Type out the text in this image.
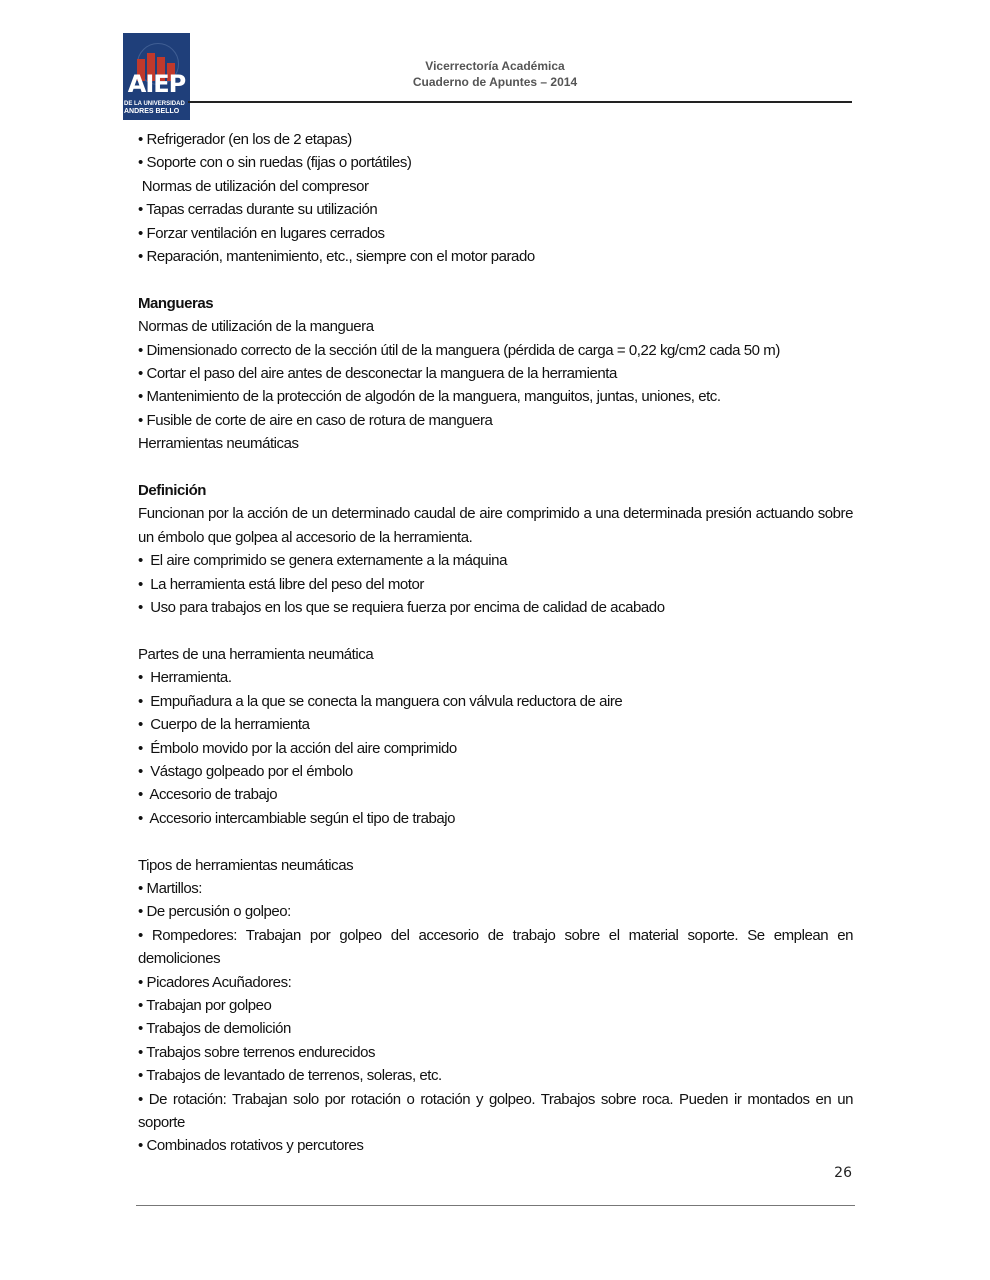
AIEP
DE LA UNIVERSIDAD
ANDRES BELLO
Vicerrectoría Académica
Cuaderno de Apuntes – 2014

• Refrigerador (en los de 2 etapas)

• Soporte con o sin ruedas (fijas o portátiles)

Normas de utilización del compresor

• Tapas cerradas durante su utilización

• Forzar ventilación en lugares cerrados

• Reparación, mantenimiento, etc., siempre con el motor parado

Mangueras

Normas de utilización de la manguera

• Dimensionado correcto de la sección útil de la manguera (pérdida de carga = 0,22 kg/cm2 cada 50 m)

• Cortar el paso del aire antes de desconectar la manguera de la herramienta

• Mantenimiento de la protección de algodón de la manguera, manguitos, juntas, uniones, etc.

• Fusible de corte de aire en caso de rotura de manguera

Herramientas neumáticas

Definición

Funcionan por la acción de un determinado caudal de aire comprimido a una determinada presión actuando sobre un émbolo que golpea al accesorio de la herramienta.

•  El aire comprimido se genera externamente a la máquina

•  La herramienta está libre del peso del motor

•  Uso para trabajos en los que se requiera fuerza por encima de calidad de acabado

Partes de una herramienta neumática

•  Herramienta.

•  Empuñadura a la que se conecta la manguera con válvula reductora de aire

•  Cuerpo de la herramienta

•  Émbolo movido por la acción del aire comprimido

•  Vástago golpeado por el émbolo

•  Accesorio de trabajo

•  Accesorio intercambiable según el tipo de trabajo

Tipos de herramientas neumáticas

• Martillos:

• De percusión o golpeo:

• Rompedores: Trabajan por golpeo del accesorio de trabajo sobre el material soporte. Se emplean en demoliciones

• Picadores Acuñadores:

• Trabajan por golpeo

• Trabajos de demolición

• Trabajos sobre terrenos endurecidos

• Trabajos de levantado de terrenos, soleras, etc.

• De rotación: Trabajan solo por rotación o rotación y golpeo. Trabajos sobre roca. Pueden ir montados en un soporte

• Combinados rotativos y percutores

26
